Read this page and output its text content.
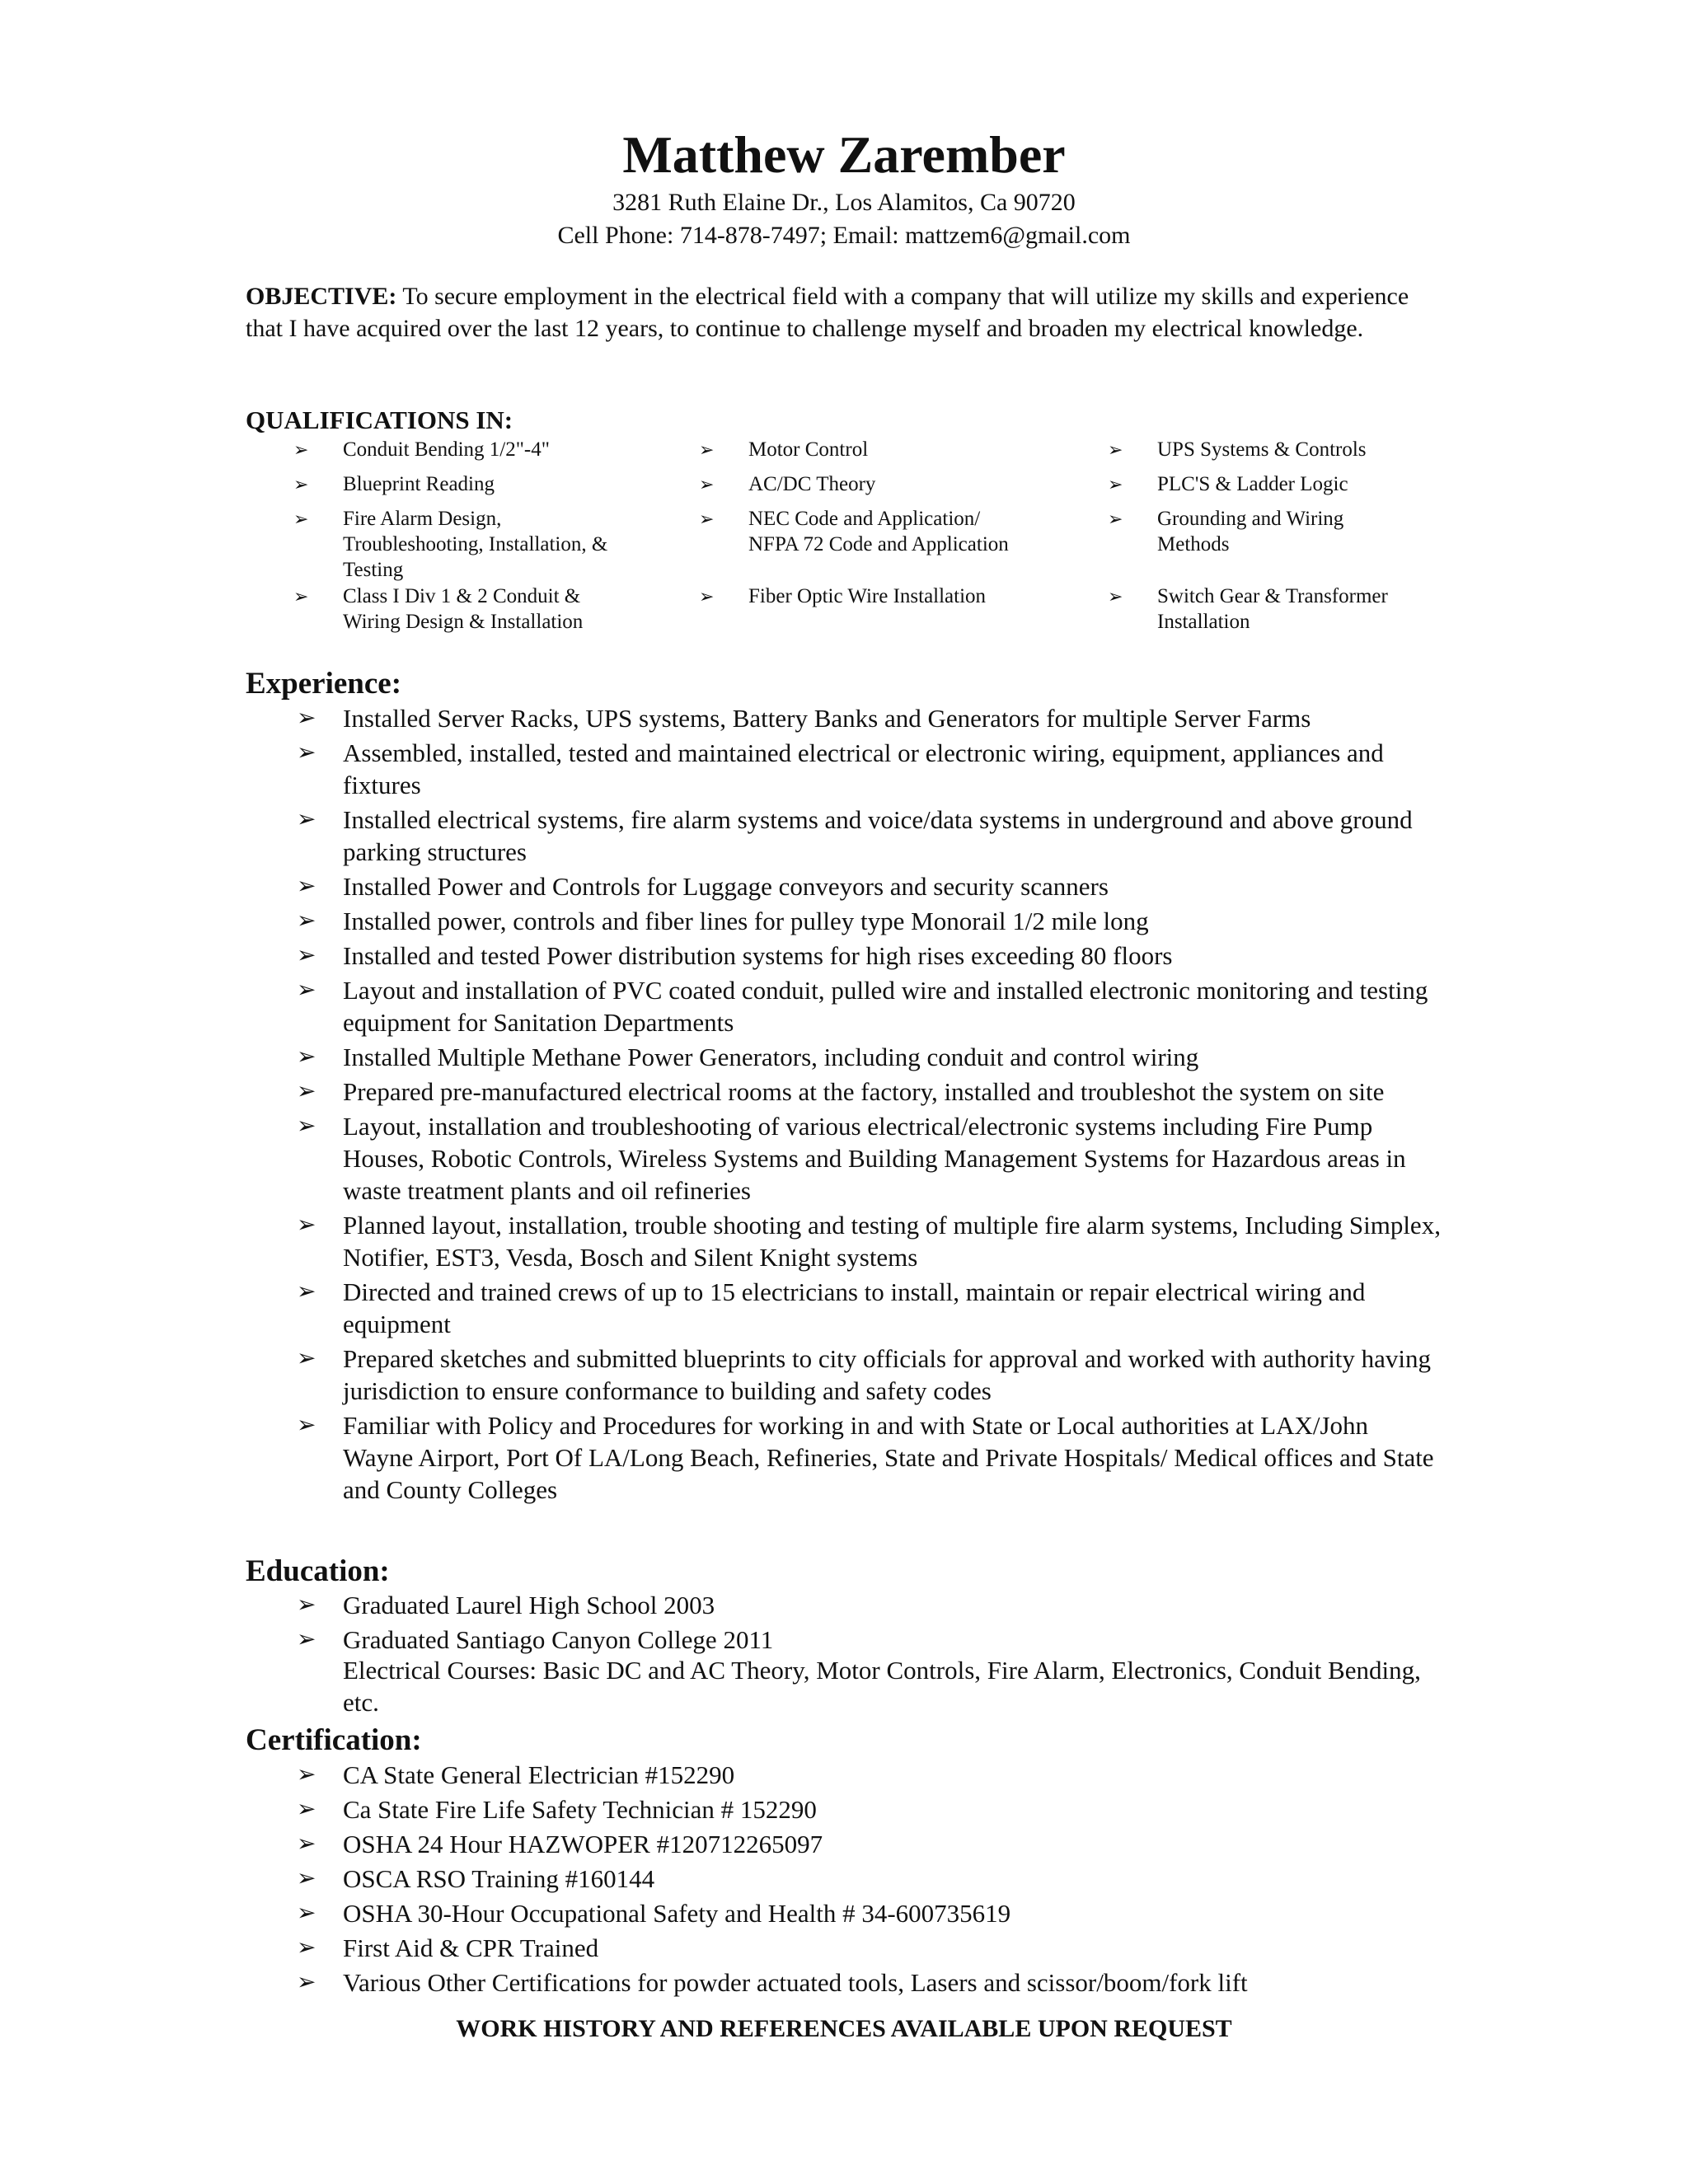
Matthew Zarember
3281 Ruth Elaine Dr., Los Alamitos, Ca 90720
Cell Phone: 714-878-7497; Email: mattzem6@gmail.com
OBJECTIVE: To secure employment in the electrical field with a company that will utilize my skills and experience that I have acquired over the last 12 years, to continue to challenge myself and broaden my electrical knowledge.
QUALIFICATIONS IN:
➢ Conduit Bending 1/2"-4"
➢ Blueprint Reading
➢ Fire Alarm Design, Troubleshooting, Installation, & Testing
➢ Class I Div 1 & 2 Conduit & Wiring Design & Installation
➢ Motor Control
➢ AC/DC Theory
➢ NEC Code and Application/ NFPA 72 Code and Application
➢ Fiber Optic Wire Installation
➢ UPS Systems & Controls
➢ PLC'S & Ladder Logic
➢ Grounding and Wiring Methods
➢ Switch Gear & Transformer Installation
Experience:
➢ Installed Server Racks, UPS systems, Battery Banks and Generators for multiple Server Farms
➢ Assembled, installed, tested and maintained electrical or electronic wiring, equipment, appliances and fixtures
➢ Installed electrical systems, fire alarm systems and voice/data systems in underground and above ground parking structures
➢ Installed Power and Controls for Luggage conveyors and security scanners
➢ Installed power, controls and fiber lines for pulley type Monorail 1/2 mile long
➢ Installed and tested Power distribution systems for high rises exceeding 80 floors
➢ Layout and installation of PVC coated conduit, pulled wire and installed electronic monitoring and testing equipment for Sanitation Departments
➢ Installed Multiple Methane Power Generators, including conduit and control wiring
➢ Prepared pre-manufactured electrical rooms at the factory, installed and troubleshot the system on site
➢ Layout, installation and troubleshooting of various electrical/electronic systems including Fire Pump Houses, Robotic Controls, Wireless Systems and Building Management Systems for Hazardous areas in waste treatment plants and oil refineries
➢ Planned layout, installation, trouble shooting and testing of multiple fire alarm systems, Including Simplex, Notifier, EST3, Vesda, Bosch and Silent Knight systems
➢ Directed and trained crews of up to 15 electricians to install, maintain or repair electrical wiring and equipment
➢ Prepared sketches and submitted blueprints to city officials for approval and worked with authority having jurisdiction to ensure conformance to building and safety codes
➢ Familiar with Policy and Procedures for working in and with State or Local authorities at LAX/John Wayne Airport, Port Of LA/Long Beach, Refineries, State and Private Hospitals/ Medical offices and State and County Colleges
Education:
➢ Graduated Laurel High School 2003
➢ Graduated Santiago Canyon College 2011
Electrical Courses: Basic DC and AC Theory, Motor Controls, Fire Alarm, Electronics, Conduit Bending, etc.
Certification:
➢ CA State General Electrician #152290
➢ Ca State Fire Life Safety Technician # 152290
➢ OSHA 24 Hour HAZWOPER #120712265097
➢ OSCA RSO Training #160144
➢ OSHA 30-Hour Occupational Safety and Health # 34-600735619
➢ First Aid & CPR Trained
➢ Various Other Certifications for powder actuated tools, Lasers and scissor/boom/fork lift
WORK HISTORY AND REFERENCES AVAILABLE UPON REQUEST
